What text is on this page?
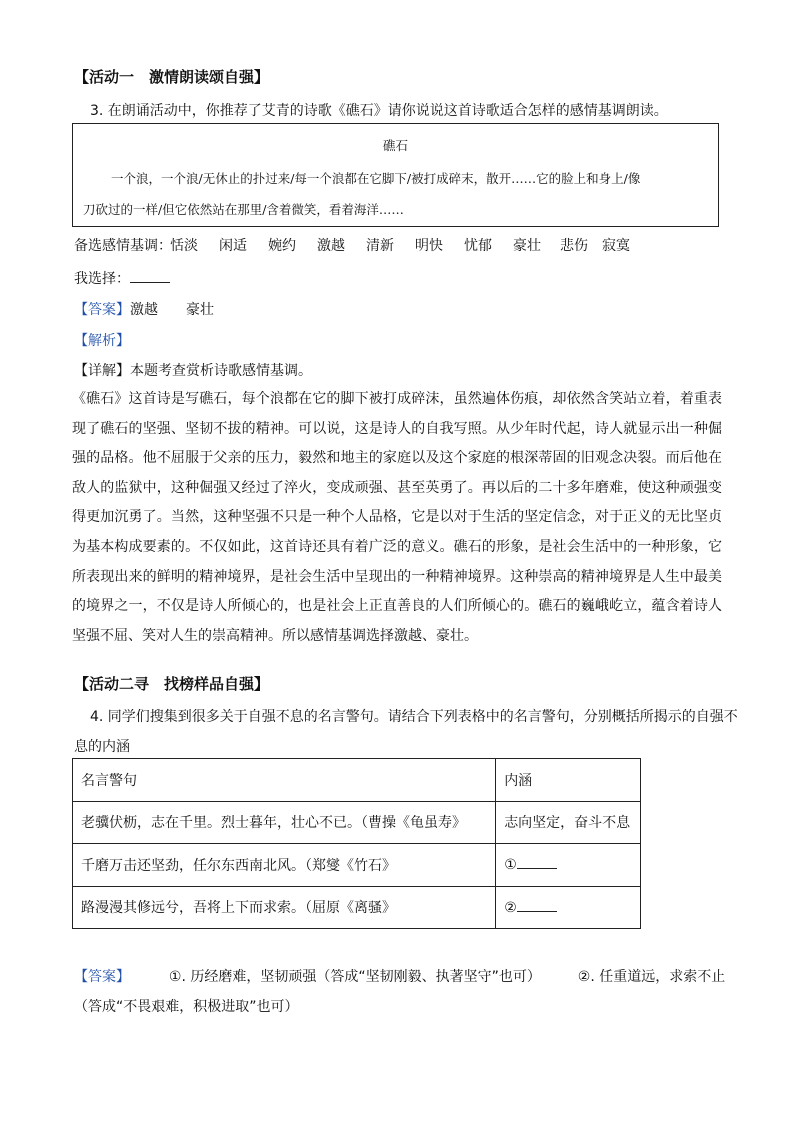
【活动一　激情朗读颂自强】
3. 在朗诵活动中，你推荐了艾青的诗歌《礁石》请你说说这首诗歌适合怎样的感情基调朗读。
礁石
一个浪，一个浪/无休止的扑过来/每一个浪都在它脚下/被打成碎末，散开……它的脸上和身上/像
刀砍过的一样/但它依然站在那里/含着微笑，看着海洋……
备选感情基调：
恬淡 闲适 婉约 激越 清新 明快 忧郁 豪壮 悲伤 寂寞
我选择：
【答案】激越　　豪壮
【解析】
【详解】本题考查赏析诗歌感情基调。
《礁石》这首诗是写礁石，每个浪都在它的脚下被打成碎沫，虽然遍体伤痕，却依然含笑站立着，着重表现了礁石的坚强、坚韧不拔的精神。可以说，这是诗人的自我写照。从少年时代起，诗人就显示出一种倔强的品格。他不屈服于父亲的压力，毅然和地主的家庭以及这个家庭的根深蒂固的旧观念决裂。而后他在敌人的监狱中，这种倔强又经过了淬火，变成顽强、甚至英勇了。再以后的二十多年磨难，使这种顽强变得更加沉勇了。当然，这种坚强不只是一种个人品格，它是以对于生活的坚定信念，对于正义的无比坚贞为基本构成要素的。不仅如此，这首诗还具有着广泛的意义。礁石的形象，是社会生活中的一种形象，它所表现出来的鲜明的精神境界，是社会生活中呈现出的一种精神境界。这种崇高的精神境界是人生中最美的境界之一，不仅是诗人所倾心的，也是社会上正直善良的人们所倾心的。礁石的巍峨屹立，蕴含着诗人坚强不屈、笑对人生的崇高精神。所以感情基调选择激越、豪壮。
【活动二寻　找榜样品自强】
4. 同学们搜集到很多关于自强不息的名言警句。请结合下列表格中的名言警句，分别概括所揭示的自强不
息的内涵
名言警句	内涵
老骥伏枥，志在千里。烈士暮年，壮心不已。（曹操《龟虽寿》	志向坚定，奋斗不息
千磨万击还坚劲，任尔东西南北风。（郑燮《竹石》	①
路漫漫其修远兮，吾将上下而求索。（屈原《离骚》	②
【答案】	①. 历经磨难，坚韧顽强（答成“坚韧刚毅、执著坚守”也可）	②. 任重道远，求索不止
（答成“不畏艰难，积极进取”也可）
